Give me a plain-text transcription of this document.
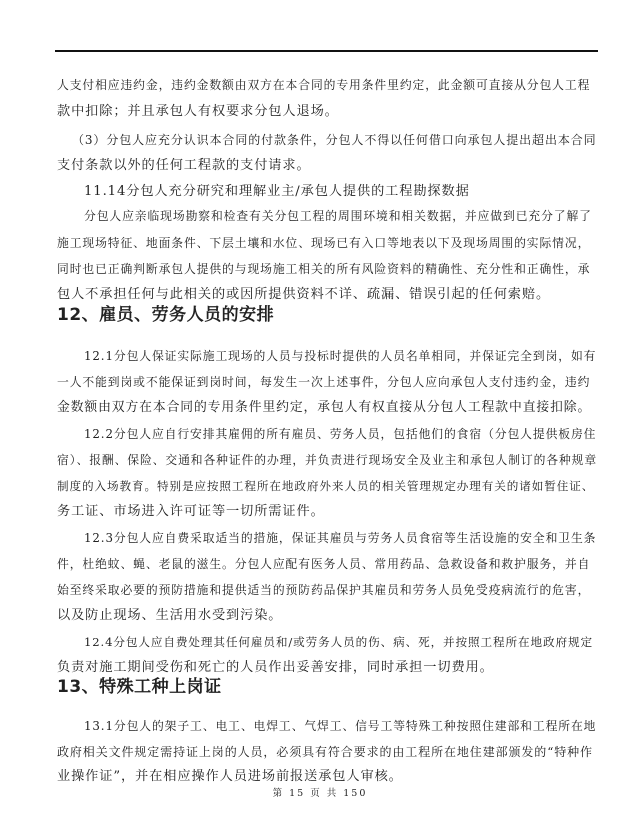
人支付相应违约金，违约金数额由双方在本合同的专用条件里约定，此金额可直接从分包人工程
款中扣除；并且承包人有权要求分包人退场。
（3）分包人应充分认识本合同的付款条件，分包人不得以任何借口向承包人提出超出本合同
支付条款以外的任何工程款的支付请求。
11.14分包人充分研究和理解业主/承包人提供的工程勘探数据
分包人应亲临现场勘察和检查有关分包工程的周围环境和相关数据，并应做到已充分了解了
施工现场特征、地面条件、下层土壤和水位、现场已有入口等地表以下及现场周围的实际情况，
同时也已正确判断承包人提供的与现场施工相关的所有风险资料的精确性、充分性和正确性，承
包人不承担任何与此相关的或因所提供资料不详、疏漏、错误引起的任何索赔。
12、雇员、劳务人员的安排
12.1分包人保证实际施工现场的人员与投标时提供的人员名单相同，并保证完全到岗，如有
一人不能到岗或不能保证到岗时间，每发生一次上述事件，分包人应向承包人支付违约金，违约
金数额由双方在本合同的专用条件里约定，承包人有权直接从分包人工程款中直接扣除。
12.2分包人应自行安排其雇佣的所有雇员、劳务人员，包括他们的食宿（分包人提供板房住
宿）、报酬、保险、交通和各种证件的办理，并负责进行现场安全及业主和承包人制订的各种规章
制度的入场教育。特别是应按照工程所在地政府外来人员的相关管理规定办理有关的诸如暂住证、
务工证、市场进入许可证等一切所需证件。
12.3分包人应自费采取适当的措施，保证其雇员与劳务人员食宿等生活设施的安全和卫生条
件，杜绝蚊、蝇、老鼠的滋生。分包人应配有医务人员、常用药品、急救设备和救护服务，并自
始至终采取必要的预防措施和提供适当的预防药品保护其雇员和劳务人员免受疫病流行的危害，
以及防止现场、生活用水受到污染。
12.4分包人应自费处理其任何雇员和/或劳务人员的伤、病、死，并按照工程所在地政府规定
负责对施工期间受伤和死亡的人员作出妥善安排，同时承担一切费用。
13、特殊工种上岗证
13.1分包人的架子工、电工、电焊工、气焊工、信号工等特殊工种按照住建部和工程所在地
政府相关文件规定需持证上岗的人员，必须具有符合要求的由工程所在地住建部颁发的“特种作
业操作证”，并在相应操作人员进场前报送承包人审核。
第 15 页 共 150
